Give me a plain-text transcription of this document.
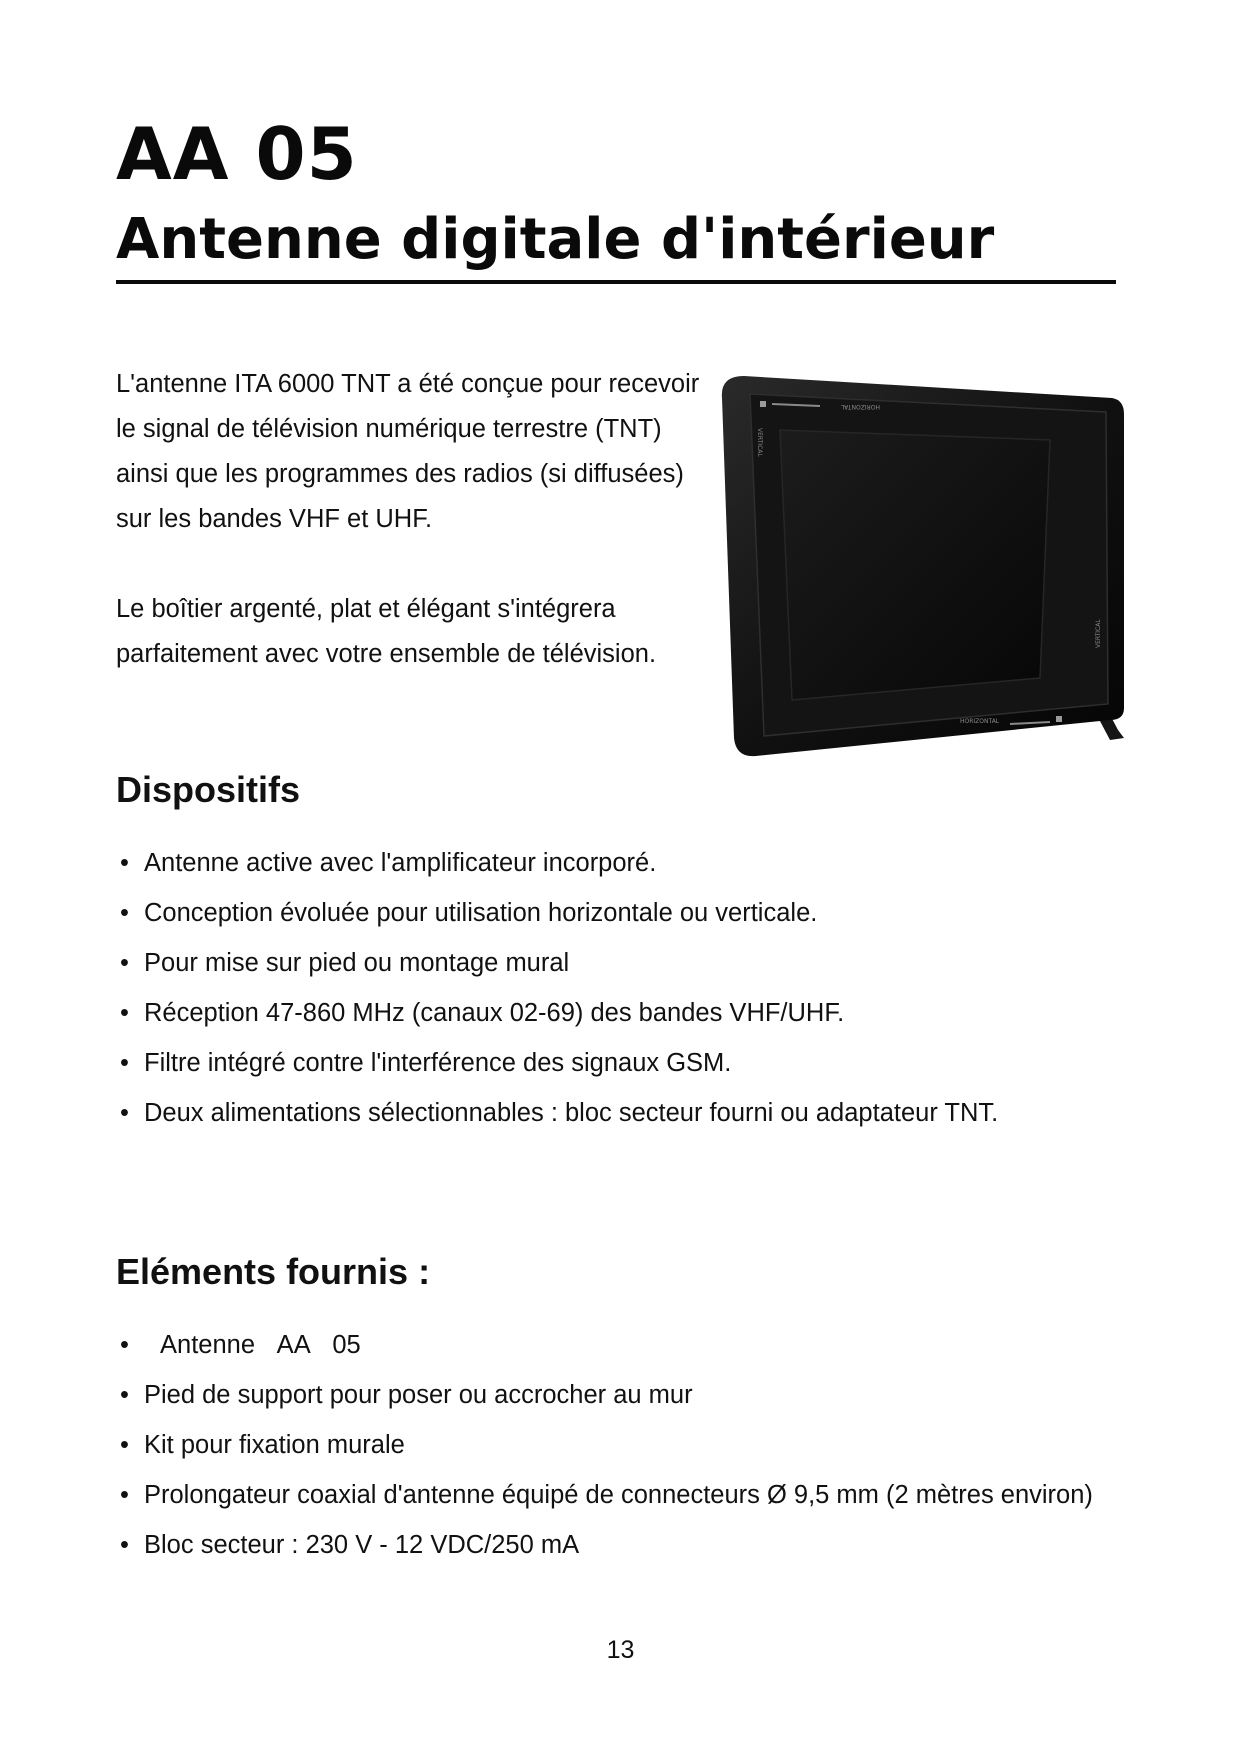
AA 05
Antenne digitale d'intérieur

L'antenne ITA 6000 TNT a été conçue pour recevoir le signal de télévision numérique terrestre (TNT) ainsi que les programmes des radios (si diffusées) sur les bandes VHF et UHF.

Le boîtier argenté, plat et élégant s'intégrera parfaitement avec votre ensemble de télévision.

HORIZONTAL
VERTICAL
VERTICAL
HORIZONTAL
Dispositifs
• Antenne active avec l'amplificateur incorporé.
• Conception évoluée pour utilisation horizontale ou verticale.
• Pour mise sur pied ou montage mural
• Réception 47-860 MHz (canaux 02-69) des bandes VHF/UHF.
• Filtre intégré contre l'interférence des signaux GSM.
• Deux alimentations sélectionnables : bloc secteur fourni ou adaptateur TNT.
Eléments fournis :
• Antenne AA 05
• Pied de support pour poser ou accrocher au mur
• Kit pour fixation murale
• Prolongateur coaxial d'antenne équipé de connecteurs Ø 9,5 mm (2 mètres environ)
• Bloc secteur : 230 V - 12 VDC/250 mA
13
